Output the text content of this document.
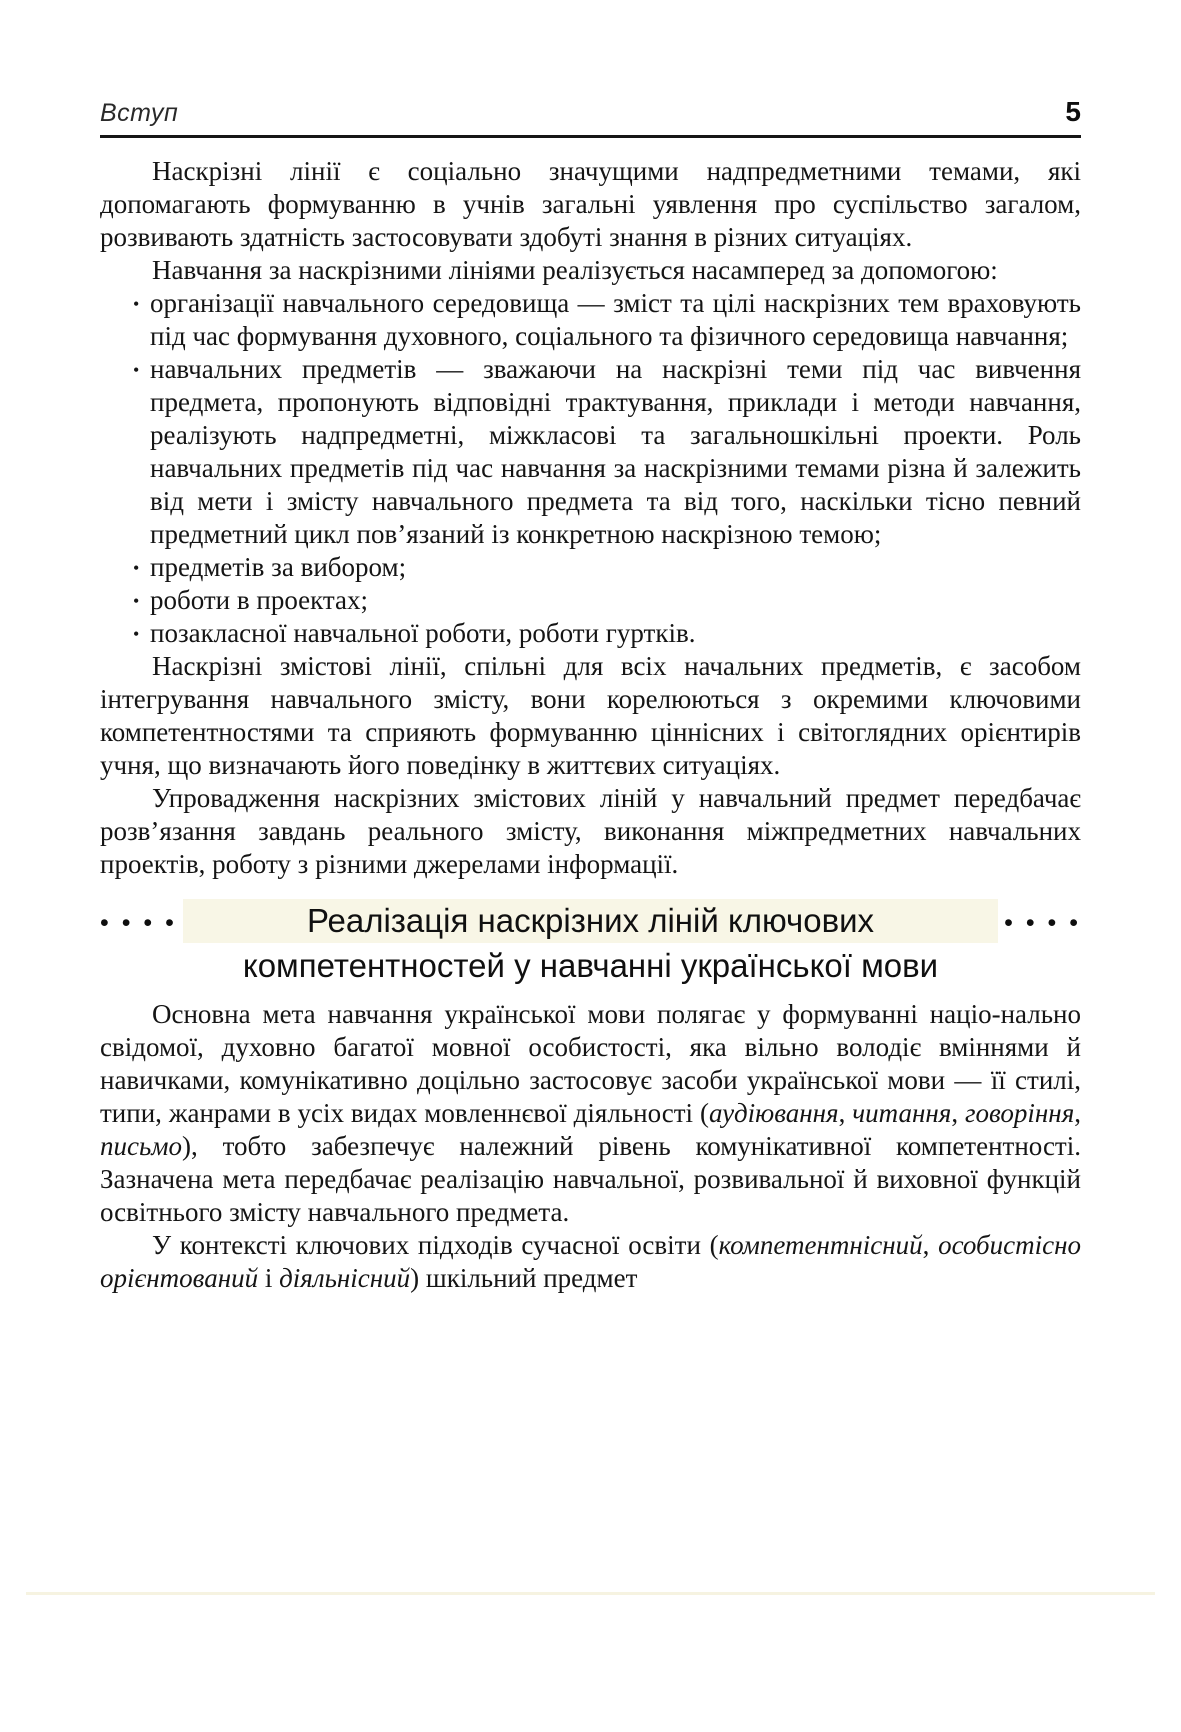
Вступ	5

Наскрізні лінії є соціально значущими надпредметними темами, які допомагають формуванню в учнів загальні уявлення про суспільство загалом, розвивають здатність застосовувати здобуті знання в різних ситуаціях.

Навчання за наскрізними лініями реалізується насамперед за допомогою:

• організації навчального середовища — зміст та цілі наскрізних тем враховують під час формування духовного, соціального та фізичного середовища навчання;
• навчальних предметів — зважаючи на наскрізні теми під час вивчення предмета, пропонують відповідні трактування, приклади і методи навчання, реалізують надпредметні, міжкласові та загальношкільні проекти. Роль навчальних предметів під час навчання за наскрізними темами різна й залежить від мети і змісту навчального предмета та від того, наскільки тісно певний предметний цикл пов’язаний із конкретною наскрізною темою;
• предметів за вибором;
• роботи в проектах;
• позакласної навчальної роботи, роботи гуртків.

Наскрізні змістові лінії, спільні для всіх начальних предметів, є засобом інтегрування навчального змісту, вони корелюються з окремими ключовими компетентностями та сприяють формуванню ціннісних і світоглядних орієнтирів учня, що визначають його поведінку в життєвих ситуаціях.

Упровадження наскрізних змістових ліній у навчальний предмет передбачає розв’язання завдань реального змісту, виконання міжпредметних навчальних проектів, роботу з різними джерелами інформації.

• • • •	Реалізація наскрізних ліній ключових	• • • •
компетентностей у навчанні української мови

Основна мета навчання української мови полягає у формуванні націо-нально свідомої, духовно багатої мовної особистості, яка вільно володіє вміннями й навичками, комунікативно доцільно застосовує засоби української мови — її стилі, типи, жанрами в усіх видах мовленнєвої діяльності (аудіювання, читання, говоріння, письмо), тобто забезпечує належний рівень комунікативної компетентності. Зазначена мета передбачає реалізацію навчальної, розвивальної й виховної функцій освітнього змісту навчального предмета.

У контексті ключових підходів сучасної освіти (компетентнісний, особистісно орієнтований і діяльнісний) шкільний предмет
